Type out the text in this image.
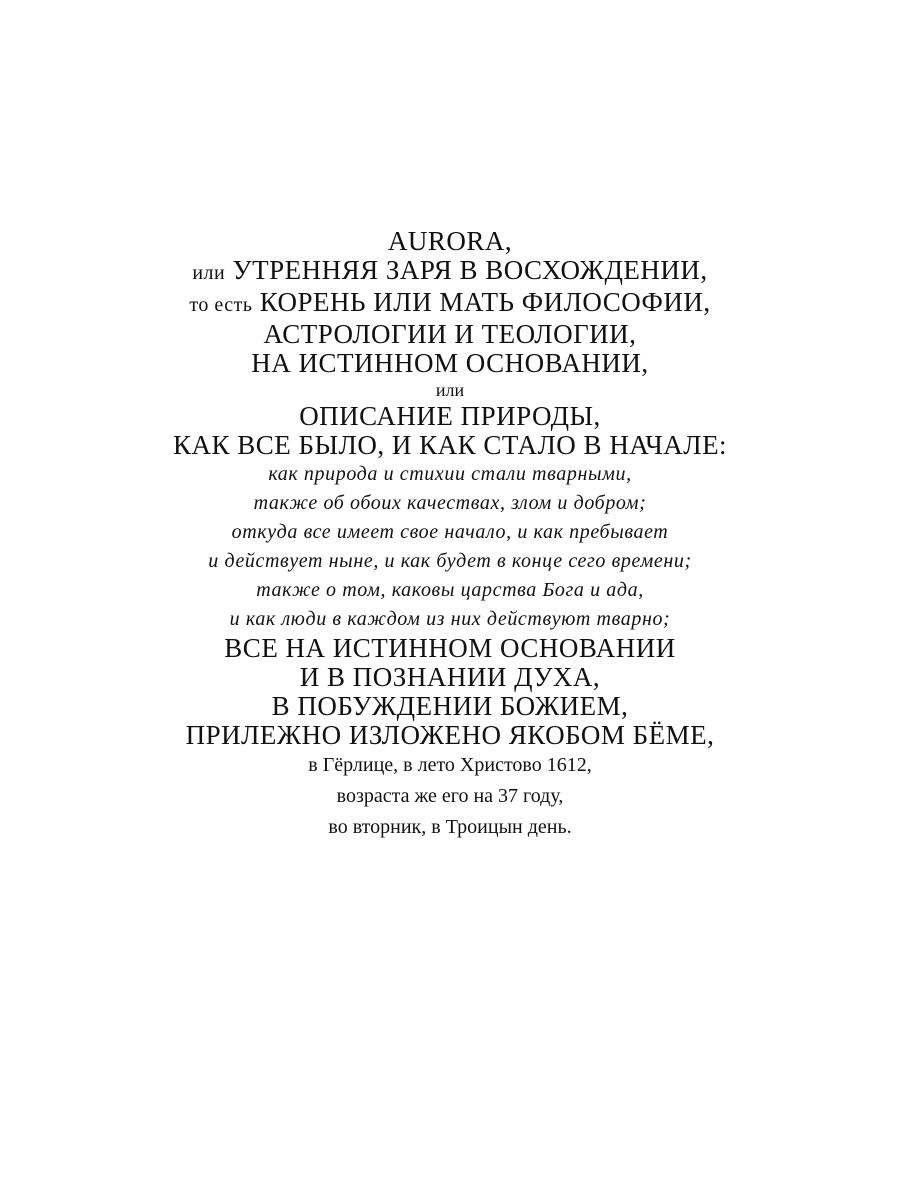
AURORA,
или УТРЕННЯЯ ЗАРЯ В ВОСХОЖДЕНИИ,
то есть КОРЕНЬ ИЛИ МАТЬ ФИЛОСОФИИ,
АСТРОЛОГИИ И ТЕОЛОГИИ,
НА ИСТИННОМ ОСНОВАНИИ,
или
ОПИСАНИЕ ПРИРОДЫ,
КАК ВСЕ БЫЛО, И КАК СТАЛО В НАЧАЛЕ:
как природа и стихии стали тварными,
также об обоих качествах, злом и добром;
откуда все имеет свое начало, и как пребывает
и действует ныне, и как будет в конце сего времени;
также о том, каковы царства Бога и ада,
и как люди в каждом из них действуют тварно;
ВСЕ НА ИСТИННОМ ОСНОВАНИИ
И В ПОЗНАНИИ ДУХА,
В ПОБУЖДЕНИИ БОЖИЕМ,
ПРИЛЕЖНО ИЗЛОЖЕНО ЯКОБОМ БЁМЕ,
в Гёрлице, в лето Христово 1612,
возраста же его на 37 году,
во вторник, в Троицын день.
